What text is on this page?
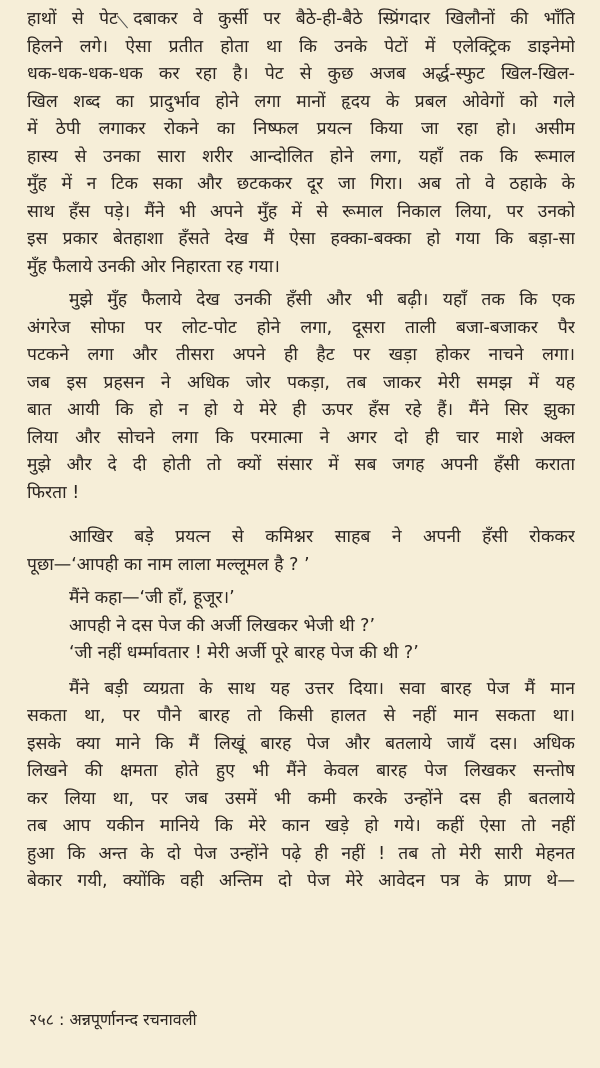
हाथों से पेट दबाकर वे कुर्सी पर बैठे-ही-बैठे स्प्रिंगदार खिलौनों की भाँति
हिलने लगे। ऐसा प्रतीत होता था कि उनके पेटों में एलेक्ट्रिक डाइनेमो
धक-धक-धक-धक कर रहा है। पेट से कुछ अजब अर्द्ध-स्फुट खिल-खिल-
खिल शब्द का प्रादुर्भाव होने लगा मानों हृदय के प्रबल ओवेगों को गले
में ठेपी लगाकर रोकने का निष्फल प्रयत्न किया जा रहा हो। असीम
हास्य से उनका सारा शरीर आन्दोलित होने लगा, यहाँ तक कि रूमाल
मुँह में न टिक सका और छटककर दूर जा गिरा। अब तो वे ठहाके के
साथ हँस पड़े। मैंने भी अपने मुँह में से रूमाल निकाल लिया, पर उनको
इस प्रकार बेतहाशा हँसते देख मैं ऐसा हक्का-बक्का हो गया कि बड़ा-सा
मुँह फैलाये उनकी ओर निहारता रह गया।
मुझे मुँह फैलाये देख उनकी हँसी और भी बढ़ी। यहाँ तक कि एक
अंगरेज सोफा पर लोट-पोट होने लगा, दूसरा ताली बजा-बजाकर पैर
पटकने लगा और तीसरा अपने ही हैट पर खड़ा होकर नाचने लगा।
जब इस प्रहसन ने अधिक जोर पकड़ा, तब जाकर मेरी समझ में यह
बात आयी कि हो न हो ये मेरे ही ऊपर हँस रहे हैं। मैंने सिर झुका
लिया और सोचने लगा कि परमात्मा ने अगर दो ही चार माशे अक्ल
मुझे और दे दी होती तो क्यों संसार में सब जगह अपनी हँसी कराता
फिरता !
आखिर बड़े प्रयत्न से कमिश्नर साहब ने अपनी हँसी रोककर
पूछा—‘आपही का नाम लाला मल्लूमल है ? ’
मैंने कहा—‘जी हाँ, हूजूर।’
आपही ने दस पेज की अर्जी लिखकर भेजी थी ?’
‘जी नहीं धर्म्मावतार ! मेरी अर्जी पूरे बारह पेज की थी ?’
मैंने बड़ी व्यग्रता के साथ यह उत्तर दिया। सवा बारह पेज मैं मान
सकता था, पर पौने बारह तो किसी हालत से नहीं मान सकता था।
इसके क्या माने कि मैं लिखूं बारह पेज और बतलाये जायँ दस। अधिक
लिखने की क्षमता होते हुए भी मैंने केवल बारह पेज लिखकर सन्तोष
कर लिया था, पर जब उसमें भी कमी करके उन्होंने दस ही बतलाये
तब आप यकीन मानिये कि मेरे कान खड़े हो गये। कहीं ऐसा तो नहीं
हुआ कि अन्त के दो पेज उन्होंने पढ़े ही नहीं ! तब तो मेरी सारी मेहनत
बेकार गयी, क्योंकि वही अन्तिम दो पेज मेरे आवेदन पत्र के प्राण थे—
२५८ : अन्नपूर्णानन्द रचनावली
